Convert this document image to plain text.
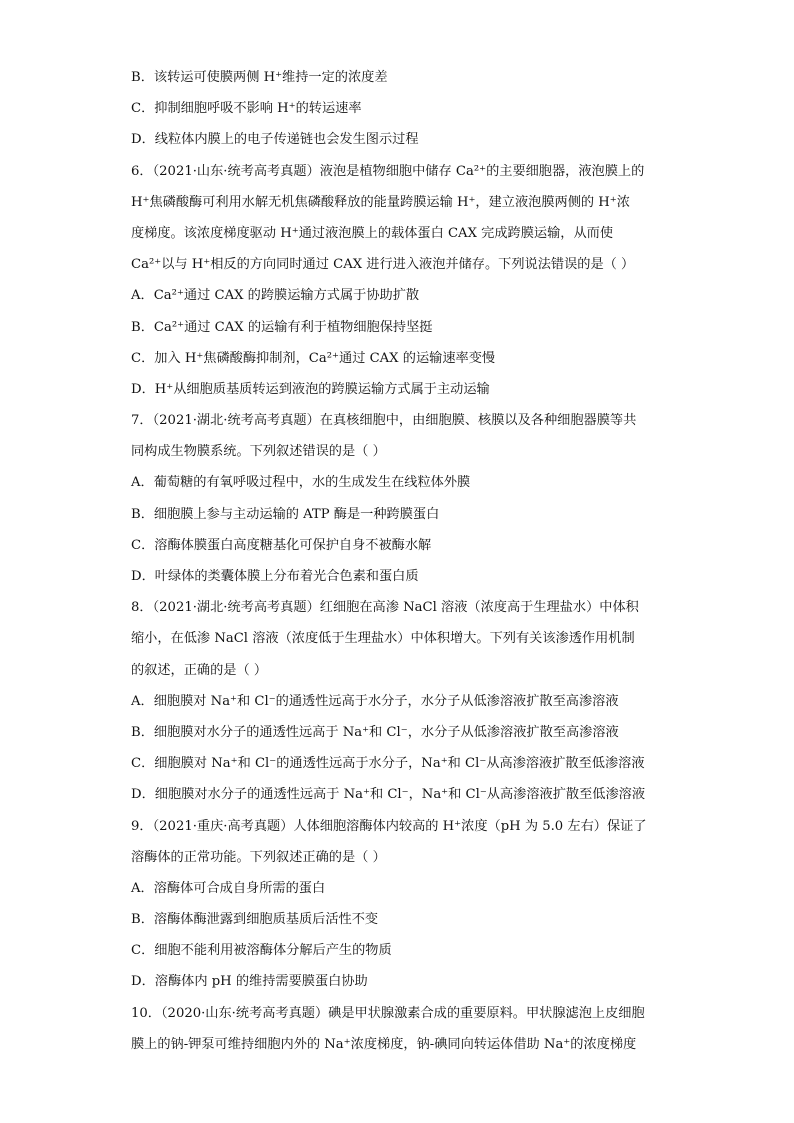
B．该转运可使膜两侧 H⁺维持一定的浓度差
C．抑制细胞呼吸不影响 H⁺的转运速率
D．线粒体内膜上的电子传递链也会发生图示过程
6．（2021·山东·统考高考真题）液泡是植物细胞中储存 Ca²⁺的主要细胞器，液泡膜上的
H⁺焦磷酸酶可利用水解无机焦磷酸释放的能量跨膜运输 H⁺，建立液泡膜两侧的 H⁺浓
度梯度。该浓度梯度驱动 H⁺通过液泡膜上的载体蛋白 CAX 完成跨膜运输，从而使
Ca²⁺以与 H⁺相反的方向同时通过 CAX 进行进入液泡并储存。下列说法错误的是（ ）
A．Ca²⁺通过 CAX 的跨膜运输方式属于协助扩散
B．Ca²⁺通过 CAX 的运输有利于植物细胞保持坚挺
C．加入 H⁺焦磷酸酶抑制剂，Ca²⁺通过 CAX 的运输速率变慢
D．H⁺从细胞质基质转运到液泡的跨膜运输方式属于主动运输
7．（2021·湖北·统考高考真题）在真核细胞中，由细胞膜、核膜以及各种细胞器膜等共
同构成生物膜系统。下列叙述错误的是（ ）
A．葡萄糖的有氧呼吸过程中，水的生成发生在线粒体外膜
B．细胞膜上参与主动运输的 ATP 酶是一种跨膜蛋白
C．溶酶体膜蛋白高度糖基化可保护自身不被酶水解
D．叶绿体的类囊体膜上分布着光合色素和蛋白质
8．（2021·湖北·统考高考真题）红细胞在高渗 NaCl 溶液（浓度高于生理盐水）中体积
缩小，在低渗 NaCl 溶液（浓度低于生理盐水）中体积增大。下列有关该渗透作用机制
的叙述，正确的是（ ）
A．细胞膜对 Na⁺和 Cl⁻的通透性远高于水分子，水分子从低渗溶液扩散至高渗溶液
B．细胞膜对水分子的通透性远高于 Na⁺和 Cl⁻，水分子从低渗溶液扩散至高渗溶液
C．细胞膜对 Na⁺和 Cl⁻的通透性远高于水分子，Na⁺和 Cl⁻从高渗溶液扩散至低渗溶液
D．细胞膜对水分子的通透性远高于 Na⁺和 Cl⁻，Na⁺和 Cl⁻从高渗溶液扩散至低渗溶液
9．（2021·重庆·高考真题）人体细胞溶酶体内较高的 H⁺浓度（pH 为 5.0 左右）保证了
溶酶体的正常功能。下列叙述正确的是（ ）
A．溶酶体可合成自身所需的蛋白
B．溶酶体酶泄露到细胞质基质后活性不变
C．细胞不能利用被溶酶体分解后产生的物质
D．溶酶体内 pH 的维持需要膜蛋白协助
10．（2020·山东·统考高考真题）碘是甲状腺激素合成的重要原料。甲状腺滤泡上皮细胞
膜上的钠-钾泵可维持细胞内外的 Na⁺浓度梯度，钠-碘同向转运体借助 Na⁺的浓度梯度
